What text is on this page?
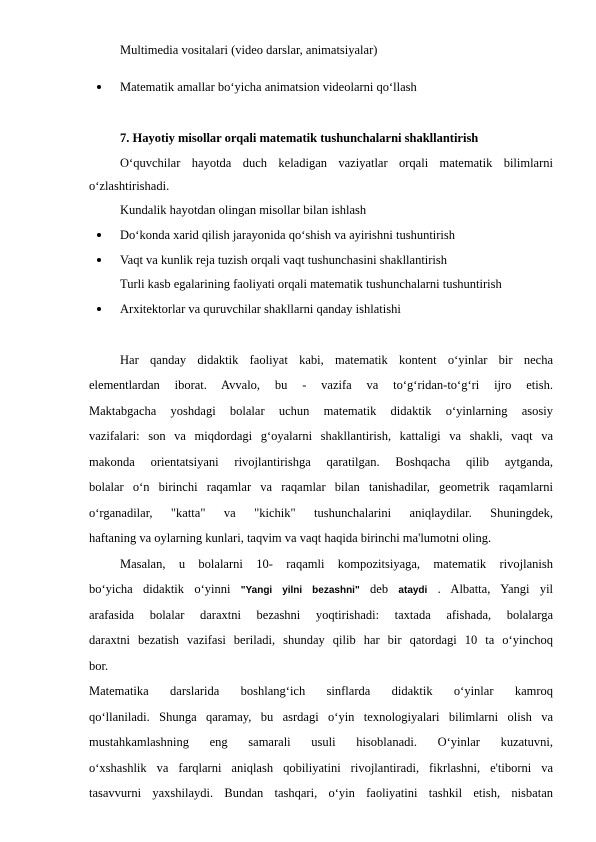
Multimedia vositalari (video darslar, animatsiyalar)
Matematik amallar bo‘yicha animatsion videolarni qo‘llash
7. Hayotiy misollar orqali matematik tushunchalarni shakllantirish
O‘quvchilar hayotda duch keladigan vaziyatlar orqali matematik bilimlarni
o‘zlashtirishadi.
Kundalik hayotdan olingan misollar bilan ishlash
Do‘konda xarid qilish jarayonida qo‘shish va ayirishni tushuntirish
Vaqt va kunlik reja tuzish orqali vaqt tushunchasini shakllantirish
Turli kasb egalarining faoliyati orqali matematik tushunchalarni tushuntirish
Arxitektorlar va quruvchilar shakllarni qanday ishlatishi
Har qanday didaktik faoliyat kabi, matematik kontent o‘yinlar bir necha
elementlardan iborat. Avvalo, bu - vazifa va to‘g‘ridan-to‘g‘ri ijro etish.
Maktabgacha yoshdagi bolalar uchun matematik didaktik o‘yinlarning asosiy
vazifalari: son va miqdordagi g‘oyalarni shakllantirish, kattaligi va shakli, vaqt va
makonda orientatsiyani rivojlantirishga qaratilgan. Boshqacha qilib aytganda,
bolalar o‘n birinchi raqamlar va raqamlar bilan tanishadilar, geometrik raqamlarni
o‘rganadilar, "katta" va "kichik" tushunchalarini aniqlaydilar. Shuningdek,
haftaning va oylarning kunlari, taqvim va vaqt haqida birinchi ma'lumotni oling.
Masalan, u bolalarni 10- raqamli kompozitsiyaga, matematik rivojlanish
bo‘yicha didaktik o‘yinni "Yangi yilni bezashni" deb ataydi . Albatta, Yangi yil
arafasida bolalar daraxtni bezashni yoqtirishadi: taxtada afishada, bolalarga
daraxtni bezatish vazifasi beriladi, shunday qilib har bir qatordagi 10 ta o‘yinchoq
bor.
Matematika darslarida boshlang‘ich sinflarda didaktik o‘yinlar kamroq
qo‘llaniladi. Shunga qaramay, bu asrdagi o‘yin texnologiyalari bilimlarni olish va
mustahkamlashning eng samarali usuli hisoblanadi. O‘yinlar kuzatuvni,
o‘xshashlik va farqlarni aniqlash qobiliyatini rivojlantiradi, fikrlashni, e'tiborni va
tasavvurni yaxshilaydi. Bundan tashqari, o‘yin faoliyatini tashkil etish, nisbatan
